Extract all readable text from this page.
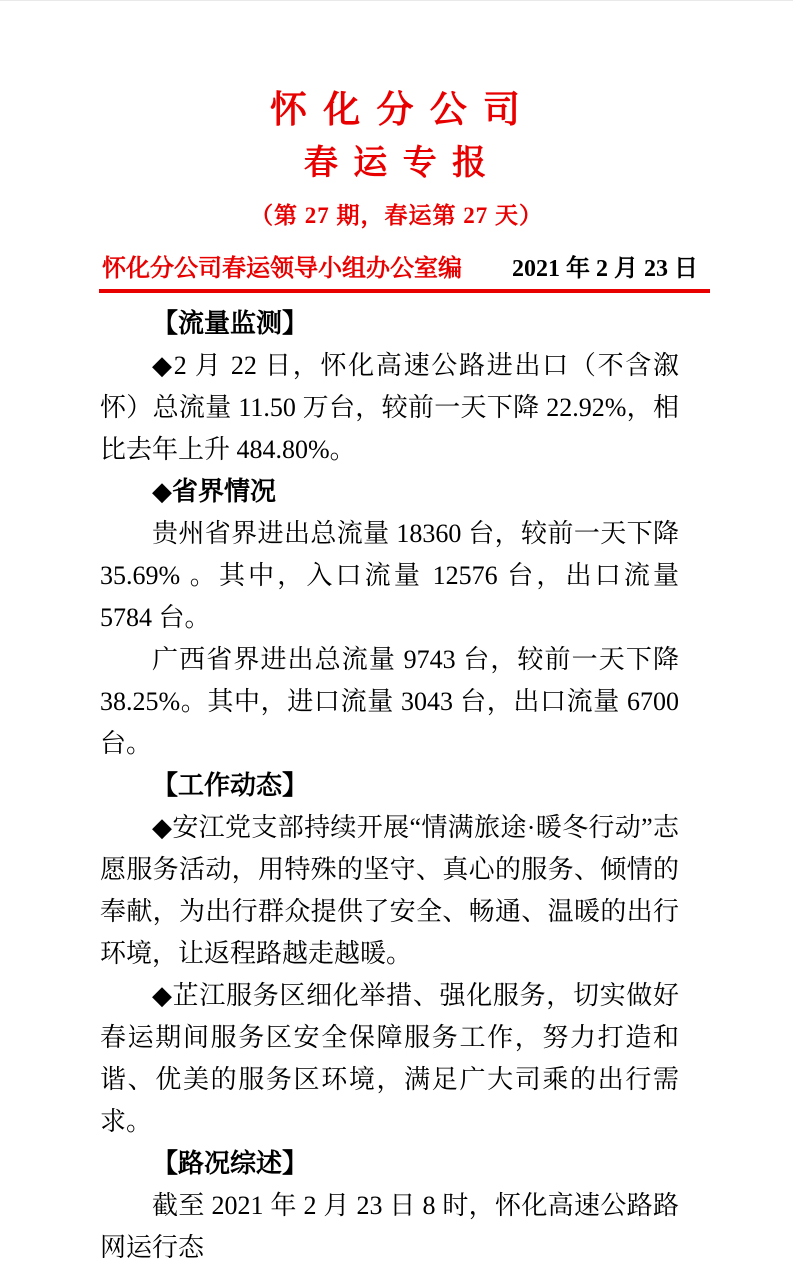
怀 化 分 公 司
春 运 专 报
（第 27 期，春运第 27 天）
怀化分公司春运领导小组办公室编 2021 年 2 月 23 日

【流量监测】

◆2 月 22 日，怀化高速公路进出口（不含溆怀）总流量 11.50 万台，较前一天下降 22.92%，相比去年上升 484.80%。

◆省界情况

贵州省界进出总流量 18360 台，较前一天下降 35.69% 。其中，入口流量 12576 台，出口流量 5784 台。

广西省界进出总流量 9743 台，较前一天下降 38.25%。其中，进口流量 3043 台，出口流量 6700 台。

【工作动态】

◆安江党支部持续开展“情满旅途·暖冬行动”志愿服务活动，用特殊的坚守、真心的服务、倾情的奉献，为出行群众提供了安全、畅通、温暖的出行环境，让返程路越走越暖。

◆芷江服务区细化举措、强化服务，切实做好春运期间服务区安全保障服务工作，努力打造和谐、优美的服务区环境，满足广大司乘的出行需求。

【路况综述】

截至 2021 年 2 月 23 日 8 时，怀化高速公路路网运行态
